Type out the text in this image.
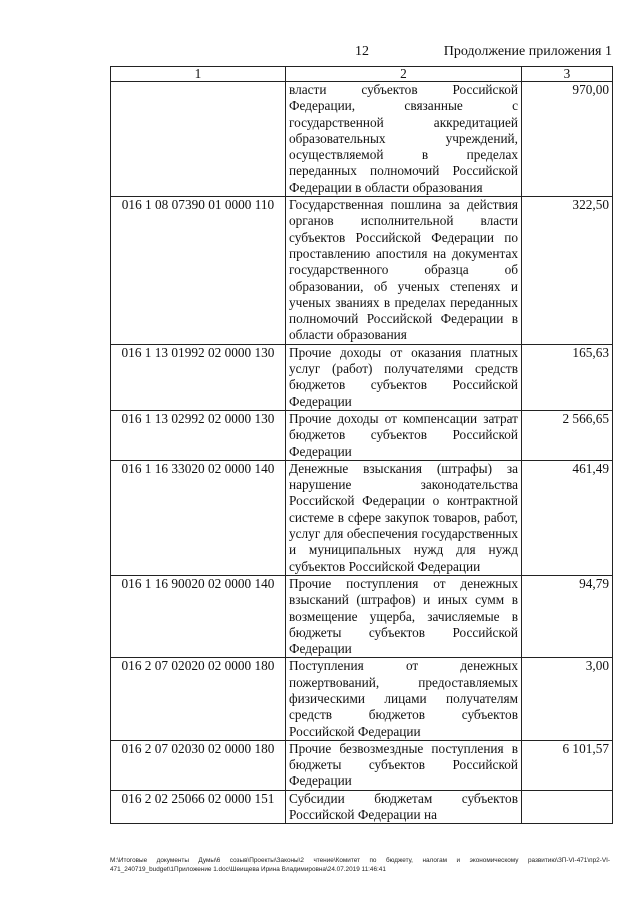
12	Продолжение приложения 1
1	2	3
	власти субъектов Российской Федерации, связанные с государственной аккредитацией образовательных учреждений, осуществляемой в пределах переданных полномочий Российской Федерации в области образования	970,00
016 1 08 07390 01 0000 110	Государственная пошлина за действия органов исполнительной власти субъектов Российской Федерации по проставлению апостиля на документах государственного образца об образовании, об ученых степенях и ученых званиях в пределах переданных полномочий Российской Федерации в области образования	322,50
016 1 13 01992 02 0000 130	Прочие доходы от оказания платных услуг (работ) получателями средств бюджетов субъектов Российской Федерации	165,63
016 1 13 02992 02 0000 130	Прочие доходы от компенсации затрат бюджетов субъектов Российской Федерации	2 566,65
016 1 16 33020 02 0000 140	Денежные взыскания (штрафы) за нарушение законодательства Российской Федерации о контрактной системе в сфере закупок товаров, работ, услуг для обеспечения государственных и муниципальных нужд для нужд субъектов Российской Федерации	461,49
016 1 16 90020 02 0000 140	Прочие поступления от денежных взысканий (штрафов) и иных сумм в возмещение ущерба, зачисляемые в бюджеты субъектов Российской Федерации	94,79
016 2 07 02020 02 0000 180	Поступления от денежных пожертвований, предоставляемых физическими лицами получателям средств бюджетов субъектов Российской Федерации	3,00
016 2 07 02030 02 0000 180	Прочие безвозмездные поступления в бюджеты субъектов Российской Федерации	6 101,57
016 2 02 25066 02 0000 151	Субсидии бюджетам субъектов Российской Федерации на	
M:\Итоговые документы Думы\6 созыв\Проекты\Законы\2 чтение\Комитет по бюджету, налогам и экономическому развитию\ЗП-VI-471\пр2-VI-471_240719_budget\1Приложение 1.doc\Шеищева Ирина Владимировна\24.07.2019 11:46:41
